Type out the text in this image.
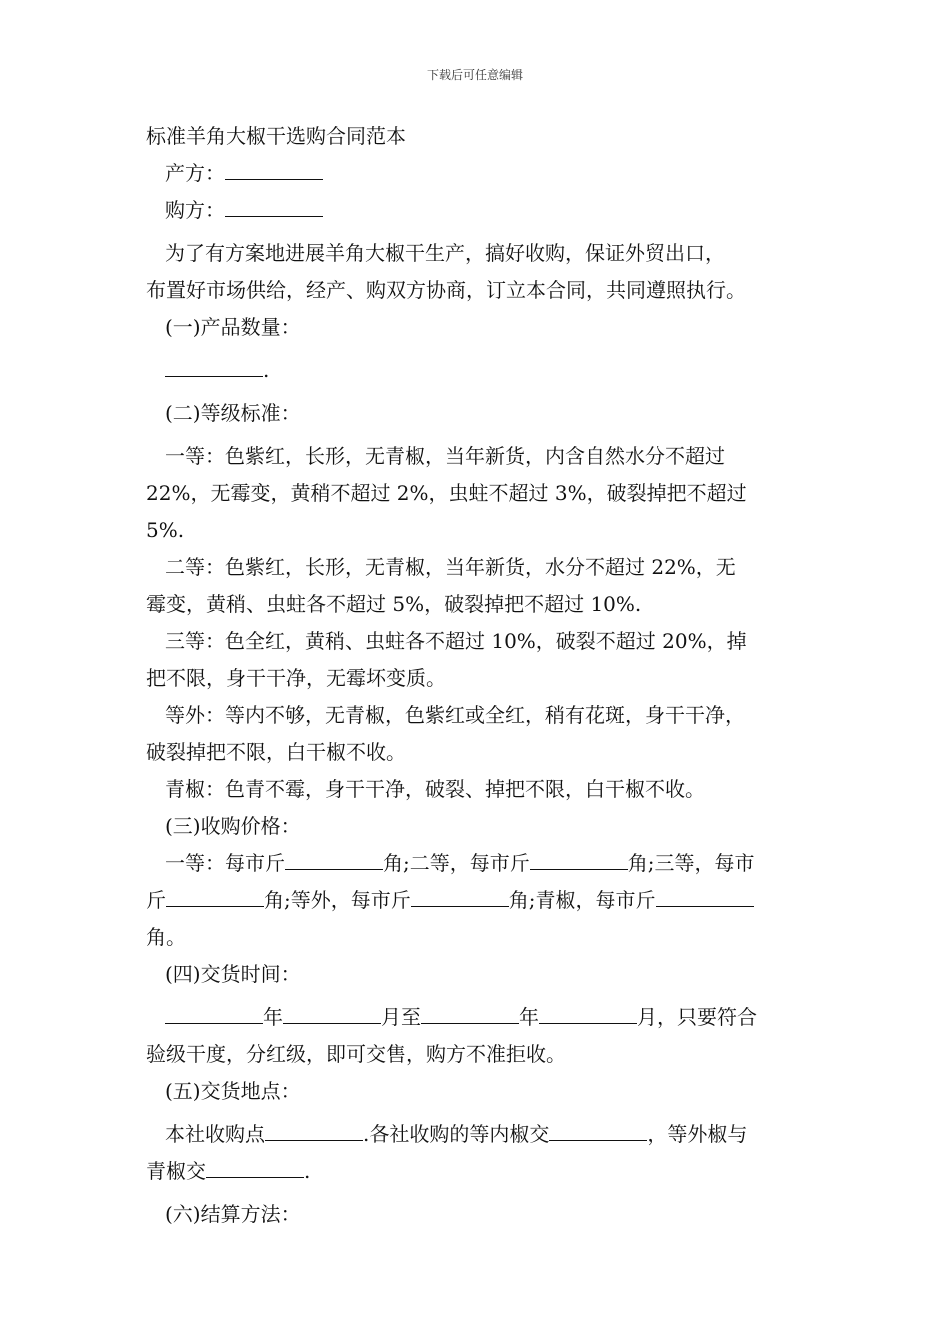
下载后可任意编辑

标准羊角大椒干选购合同范本

产方：

购方：

为了有方案地进展羊角大椒干生产，搞好收购，保证外贸出口，

布置好市场供给，经产、购双方协商，订立本合同，共同遵照执行。

(一)产品数量：

.

(二)等级标准：

一等：色紫红，长形，无青椒，当年新货，内含自然水分不超过

22%，无霉变，黄稍不超过 2%，虫蛀不超过 3%，破裂掉把不超过

5%.

二等：色紫红，长形，无青椒，当年新货，水分不超过 22%，无

霉变，黄稍、虫蛀各不超过 5%，破裂掉把不超过 10%.

三等：色全红，黄稍、虫蛀各不超过 10%，破裂不超过 20%，掉

把不限，身干干净，无霉坏变质。

等外：等内不够，无青椒，色紫红或全红，稍有花斑，身干干净，

破裂掉把不限，白干椒不收。

青椒：色青不霉，身干干净，破裂、掉把不限，白干椒不收。

(三)收购价格：

一等：每市斤	角;二等，每市斤	角;三等，每市

斤	角;等外，每市斤	角;青椒，每市斤

角。

(四)交货时间：

年	月至	年	月，只要符合

验级干度，分红级，即可交售，购方不准拒收。

(五)交货地点：

本社收购点	.各社收购的等内椒交	，等外椒与

青椒交	.

(六)结算方法：
